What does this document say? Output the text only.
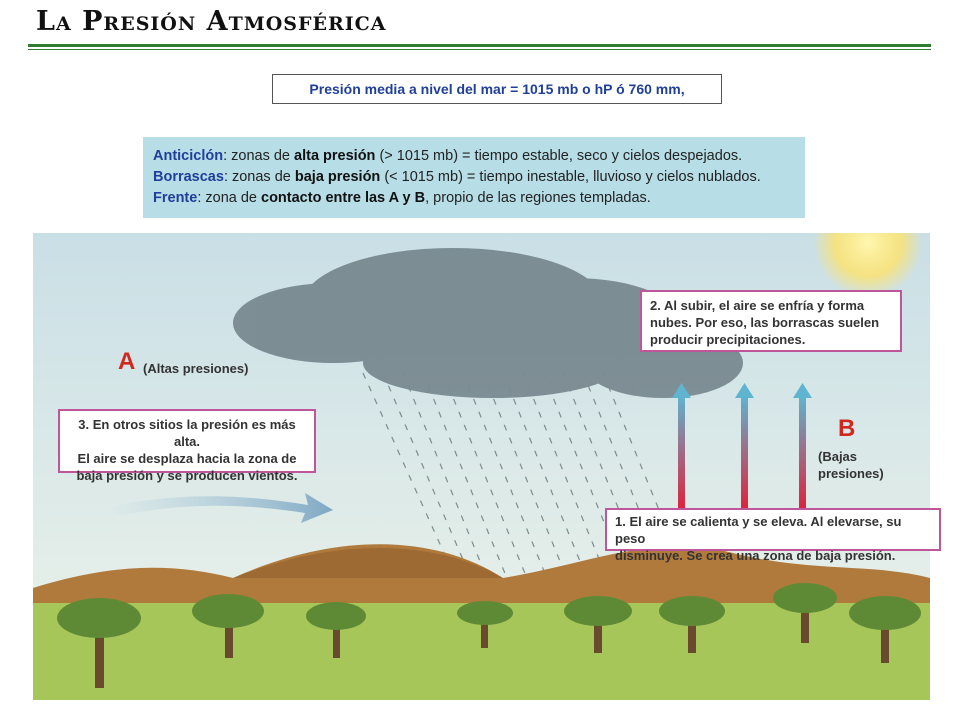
La Presión Atmosférica
Presión media a nivel del mar = 1015 mb o hP ó 760 mm,
Anticiclón: zonas de alta presión (> 1015 mb) = tiempo estable, seco y cielos despejados.
Borrascas: zonas de baja presión (< 1015 mb) = tiempo inestable, lluvioso y cielos nublados.
Frente: zona de contacto entre las A y B, propio de las regiones templadas.
A (Altas presiones)
B
(Bajas
presiones)
2. Al subir, el aire se enfría y forma
nubes. Por eso, las borrascas suelen
producir precipitaciones.
3. En otros sitios la presión es más alta.
El aire se desplaza hacia la zona de
baja presión y se producen vientos.
1. El aire se calienta y se eleva. Al elevarse, su peso
disminuye. Se crea una zona de baja presión.
